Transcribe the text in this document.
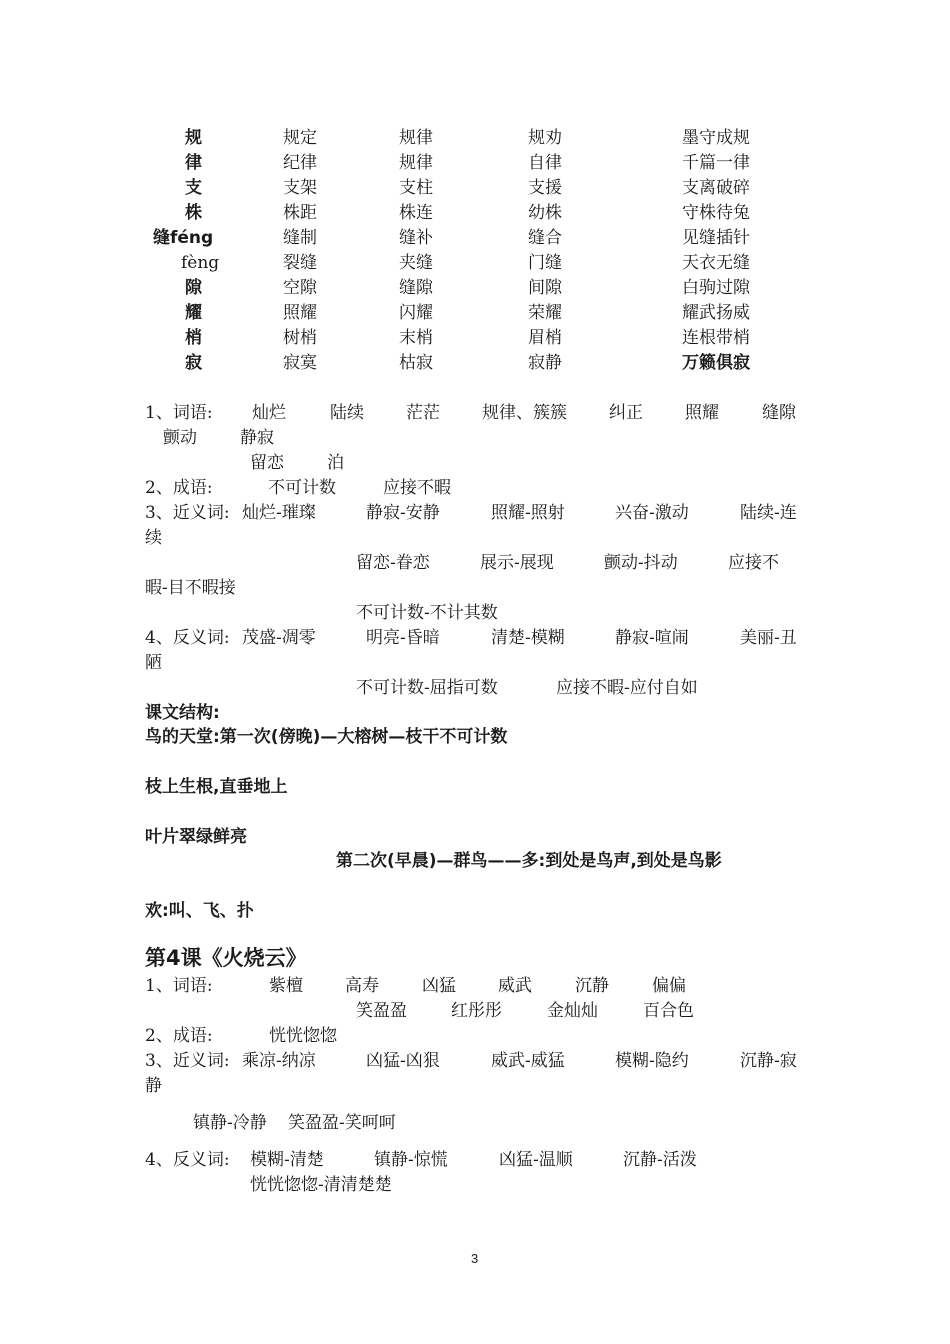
规	规定	规律	规劝	墨守成规
律	纪律	规律	自律	千篇一律
支	支架	支柱	支援	支离破碎
株	株距	株连	幼株	守株待兔
缝féng	缝制	缝补	缝合	见缝插针
fèng	裂缝	夹缝	门缝	天衣无缝
隙	空隙	缝隙	间隙	白驹过隙
耀	照耀	闪耀	荣耀	耀武扬威
梢	树梢	末梢	眉梢	连根带梢
寂	寂寞	枯寂	寂静	万籁俱寂
1、词语: 灿烂	陆续 茫茫 规律、簇簇 纠正 照耀	缝隙
颤动	静寂
留恋	泊
2、成语:	不可计数	应接不暇
3、近义词: 灿烂-璀璨	静寂-安静	照耀-照射	兴奋-激动	陆续-连
续
留恋-眷恋	展示-展现	颤动-抖动	应接不
暇-目不暇接
不可计数-不计其数
4、反义词: 茂盛-凋零	明亮-昏暗	清楚-模糊	静寂-喧闹	美丽-丑
陋
不可计数-屈指可数	应接不暇-应付自如
课文结构:
鸟的天堂:第一次(傍晚)—大榕树—枝干不可计数
枝上生根,直垂地上
叶片翠绿鲜亮
第二次(早晨)—群鸟——多:到处是鸟声,到处是鸟影
欢:叫、飞、扑
第4课《火烧云》
1、词语:	紫檀 高寿	凶猛 威武	沉静	偏偏
笑盈盈	红彤彤	金灿灿	百合色
2、成语:	恍恍惚惚
3、近义词: 乘凉-纳凉	凶猛-凶狠	威武-威猛	模糊-隐约	沉静-寂
静
镇静-冷静 笑盈盈-笑呵呵
4、反义词: 模糊-清楚	镇静-惊慌	凶猛-温顺	沉静-活泼
恍恍惚惚-清清楚楚
3
